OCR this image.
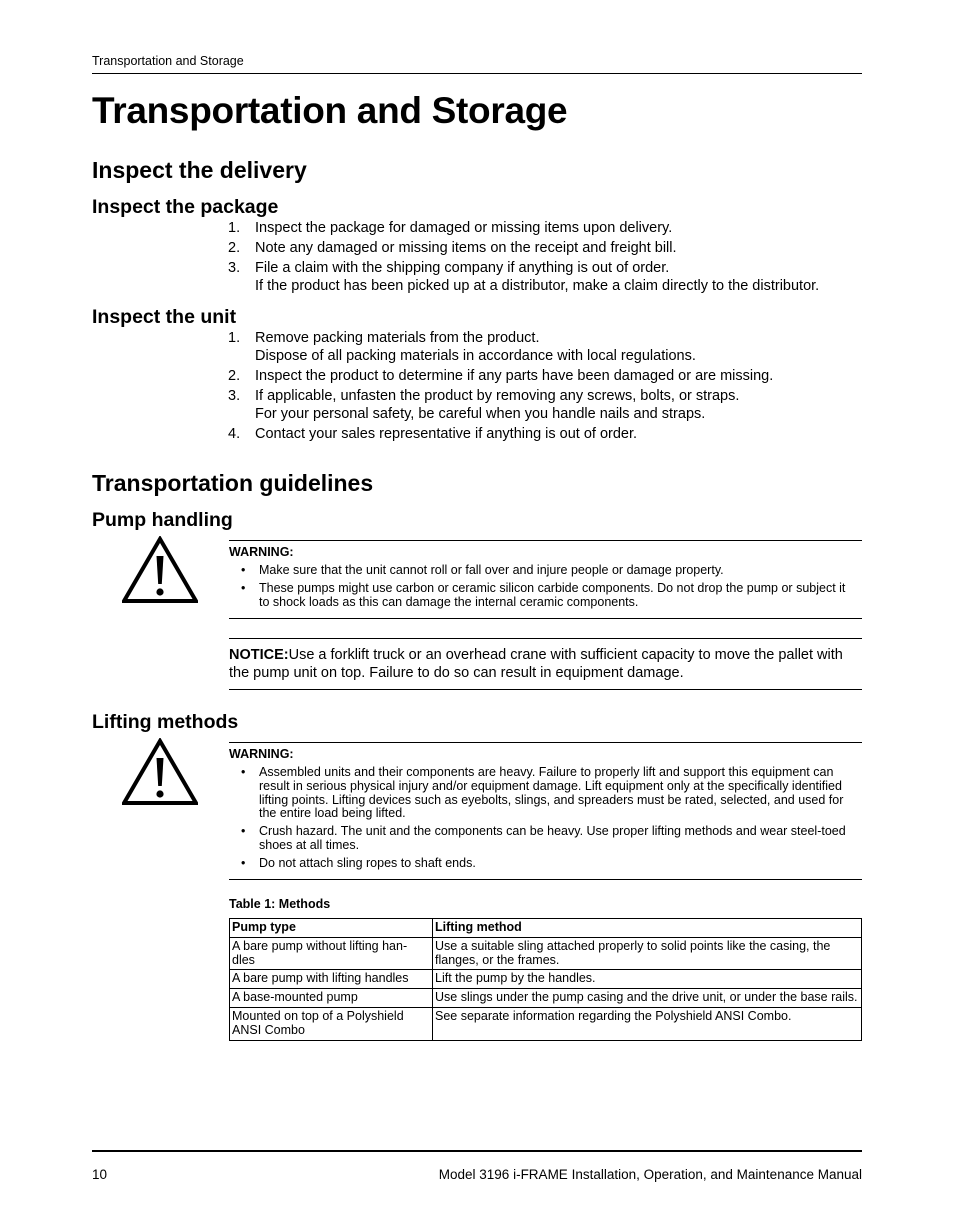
Transportation and Storage
Transportation and Storage
Inspect the delivery
Inspect the package
1. Inspect the package for damaged or missing items upon delivery.
2. Note any damaged or missing items on the receipt and freight bill.
3. File a claim with the shipping company if anything is out of order.
If the product has been picked up at a distributor, make a claim directly to the distributor.
Inspect the unit
1. Remove packing materials from the product.
Dispose of all packing materials in accordance with local regulations.
2. Inspect the product to determine if any parts have been damaged or are missing.
3. If applicable, unfasten the product by removing any screws, bolts, or straps.
For your personal safety, be careful when you handle nails and straps.
4. Contact your sales representative if anything is out of order.
Transportation guidelines
Pump handling
WARNING:
• Make sure that the unit cannot roll or fall over and injure people or damage property.
• These pumps might use carbon or ceramic silicon carbide components. Do not drop the pump or subject it to shock loads as this can damage the internal ceramic components.
NOTICE:Use a forklift truck or an overhead crane with sufficient capacity to move the pallet with the pump unit on top. Failure to do so can result in equipment damage.
Lifting methods
WARNING:
• Assembled units and their components are heavy. Failure to properly lift and support this equipment can result in serious physical injury and/or equipment damage. Lift equipment only at the specifically identified lifting points. Lifting devices such as eyebolts, slings, and spreaders must be rated, selected, and used for the entire load being lifted.
• Crush hazard. The unit and the components can be heavy. Use proper lifting methods and wear steel-toed shoes at all times.
• Do not attach sling ropes to shaft ends.
Table 1: Methods
Pump type	Lifting method
A bare pump without lifting han-dles	Use a suitable sling attached properly to solid points like the casing, the flanges, or the frames.
A bare pump with lifting handles	Lift the pump by the handles.
A base-mounted pump	Use slings under the pump casing and the drive unit, or under the base rails.
Mounted on top of a Polyshield ANSI Combo	See separate information regarding the Polyshield ANSI Combo.
10	Model 3196 i-FRAME Installation, Operation, and Maintenance Manual
